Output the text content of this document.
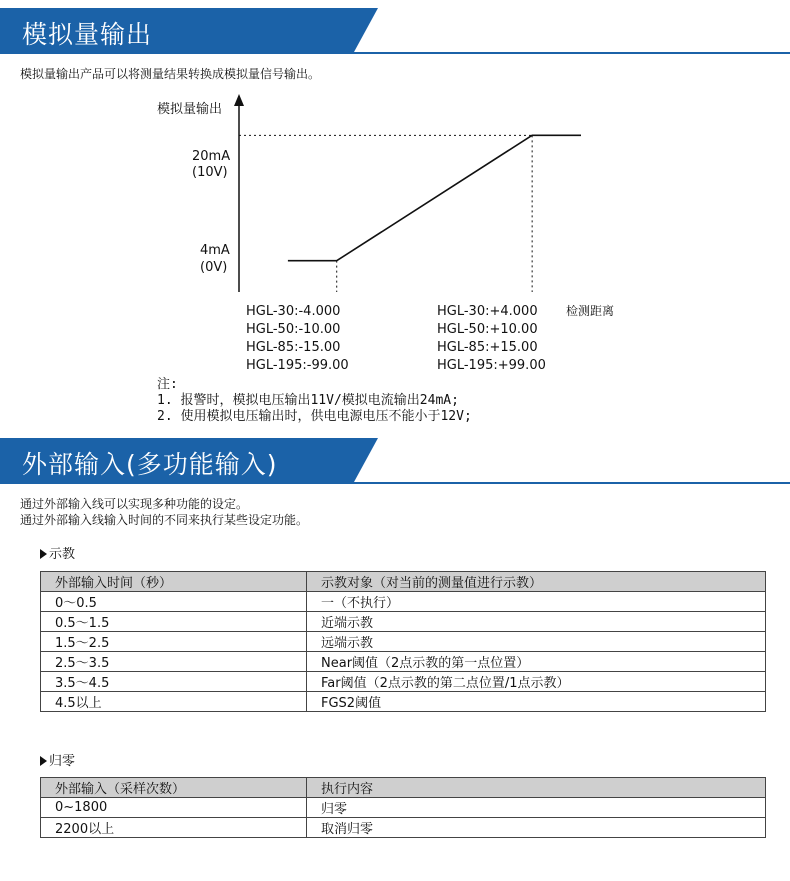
模拟量输出
模拟量输出产品可以将测量结果转换成模拟量信号输出。
模拟量输出
20mA
(10V)
4mA
(0V)
HGL-30:-4.000
HGL-50:-10.00
HGL-85:-15.00
HGL-195:-99.00
HGL-30:+4.000
HGL-50:+10.00
HGL-85:+15.00
HGL-195:+99.00
检测距离
注:
1. 报警时，模拟电压输出11V/模拟电流输出24mA;
2. 使用模拟电压输出时，供电电源电压不能小于12V;
外部输入(多功能输入)
通过外部输入线可以实现多种功能的设定。
通过外部输入线输入时间的不同来执行某些设定功能。
示教
外部输入时间（秒）	示教对象（对当前的测量值进行示教）
0～0.5	一（不执行）
0.5～1.5	近端示教
1.5～2.5	远端示教
2.5～3.5	Near阈值（2点示教的第一点位置）
3.5～4.5	Far阈值（2点示教的第二点位置/1点示教）
4.5以上	FGS2阈值
归零
外部输入（采样次数）	执行内容
0~1800	归零
2200以上	取消归零
